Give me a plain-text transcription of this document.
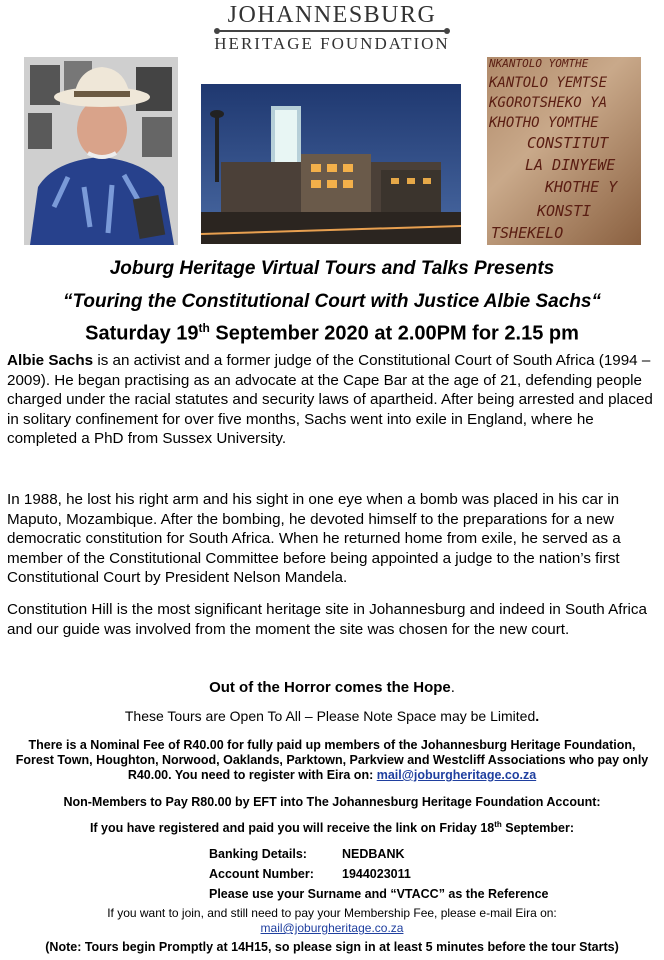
JOHANNESBURG
HERITAGE FOUNDATION
NKANTOLO YOMTHE
KANTOLO YEMTSE
KGOROTSHEKO YA
KHOTHO YOMTHE
CONSTITUT
LA DINYEWE
KHOTHE Y
KONSTI
TSHEKELO
Joburg Heritage Virtual Tours and Talks Presents
“Touring the Constitutional Court with Justice Albie Sachs“
Saturday 19th September 2020 at 2.00PM for 2.15 pm
Albie Sachs is an activist and a former judge of the Constitutional Court of South Africa (1994 – 2009). He began practising as an advocate at the Cape Bar at the age of 21, defending people charged under the racial statutes and security laws of apartheid. After being arrested and placed in solitary confinement for over five months, Sachs went into exile in England, where he completed a PhD from Sussex University.
In 1988, he lost his right arm and his sight in one eye when a bomb was placed in his car in Maputo, Mozambique. After the bombing, he devoted himself to the preparations for a new democratic constitution for South Africa. When he returned home from exile, he served as a member of the Constitutional Committee before being appointed a judge to the nation’s first Constitutional Court by President Nelson Mandela.
Constitution Hill is the most significant heritage site in Johannesburg and indeed in South Africa and our guide was involved from the moment the site was chosen for the new court.
Out of the Horror comes the Hope.
These Tours are Open To All – Please Note Space may be Limited.
There is a Nominal Fee of R40.00 for fully paid up members of the Johannesburg Heritage Foundation, Forest Town, Houghton, Norwood, Oaklands, Parktown, Parkview and Westcliff Associations who pay only R40.00. You need to register with Eira on: mail@joburgheritage.co.za
Non-Members to Pay R80.00 by EFT into The Johannesburg Heritage Foundation Account:
If you have registered and paid you will receive the link on Friday 18th September:
Banking Details:	NEDBANK
Account Number: 1944023011
Please use your Surname and “VTACC” as the Reference
If you want to join, and still need to pay your Membership Fee, please e-mail Eira on:
mail@joburgheritage.co.za
(Note: Tours begin Promptly at 14H15, so please sign in at least 5 minutes before the tour Starts)
